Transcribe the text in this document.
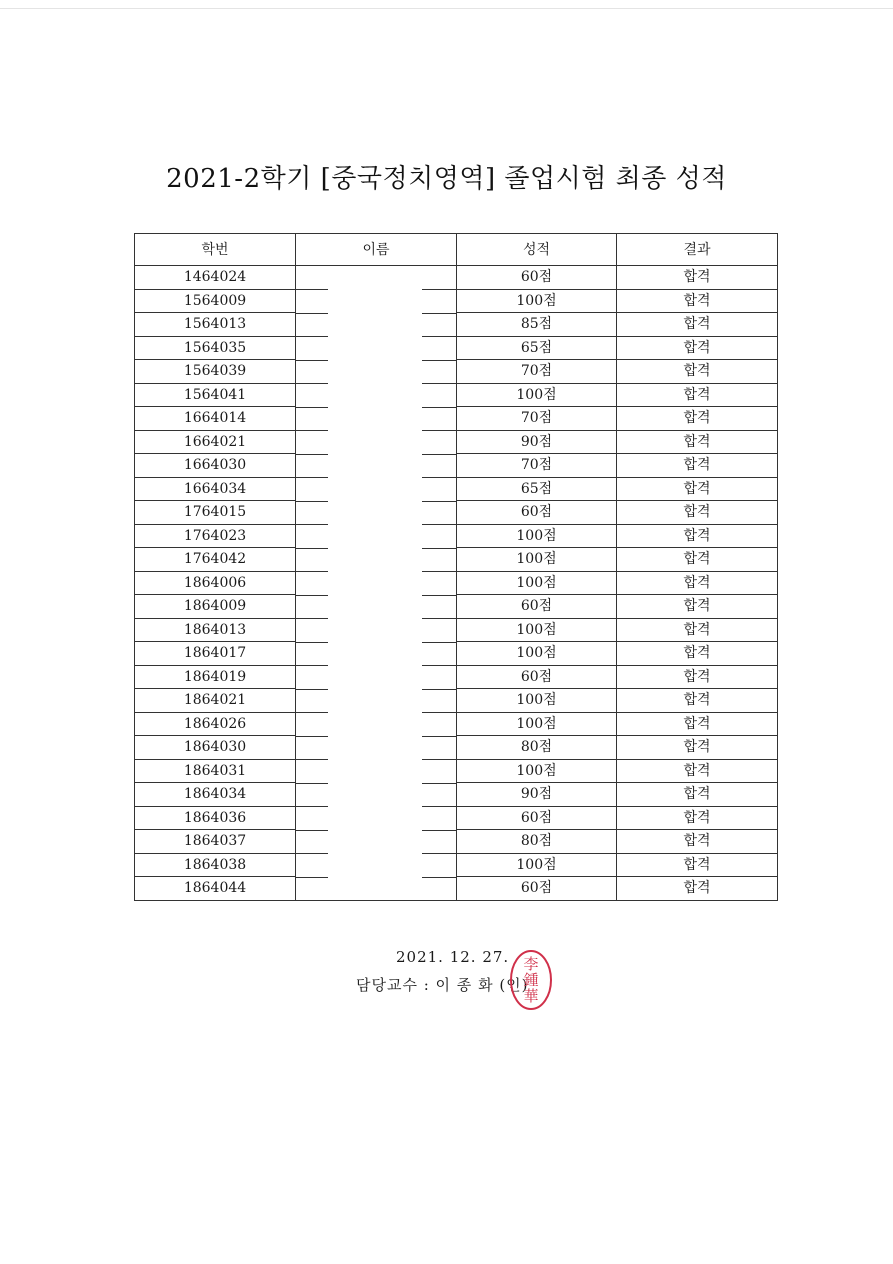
2021-2학기 [중국정치영역] 졸업시험 최종 성적
학번	이름	성적	결과
1464024		60점	합격
1564009		100점	합격
1564013		85점	합격
1564035		65점	합격
1564039		70점	합격
1564041		100점	합격
1664014		70점	합격
1664021		90점	합격
1664030		70점	합격
1664034		65점	합격
1764015		60점	합격
1764023		100점	합격
1764042		100점	합격
1864006		100점	합격
1864009		60점	합격
1864013		100점	합격
1864017		100점	합격
1864019		60점	합격
1864021		100점	합격
1864026		100점	합격
1864030		80점	합격
1864031		100점	합격
1864034		90점	합격
1864036		60점	합격
1864037		80점	합격
1864038		100점	합격
1864044		60점	합격
2021. 12. 27.
담당교수 : 이 종 화 (인)
李
鍾
華
